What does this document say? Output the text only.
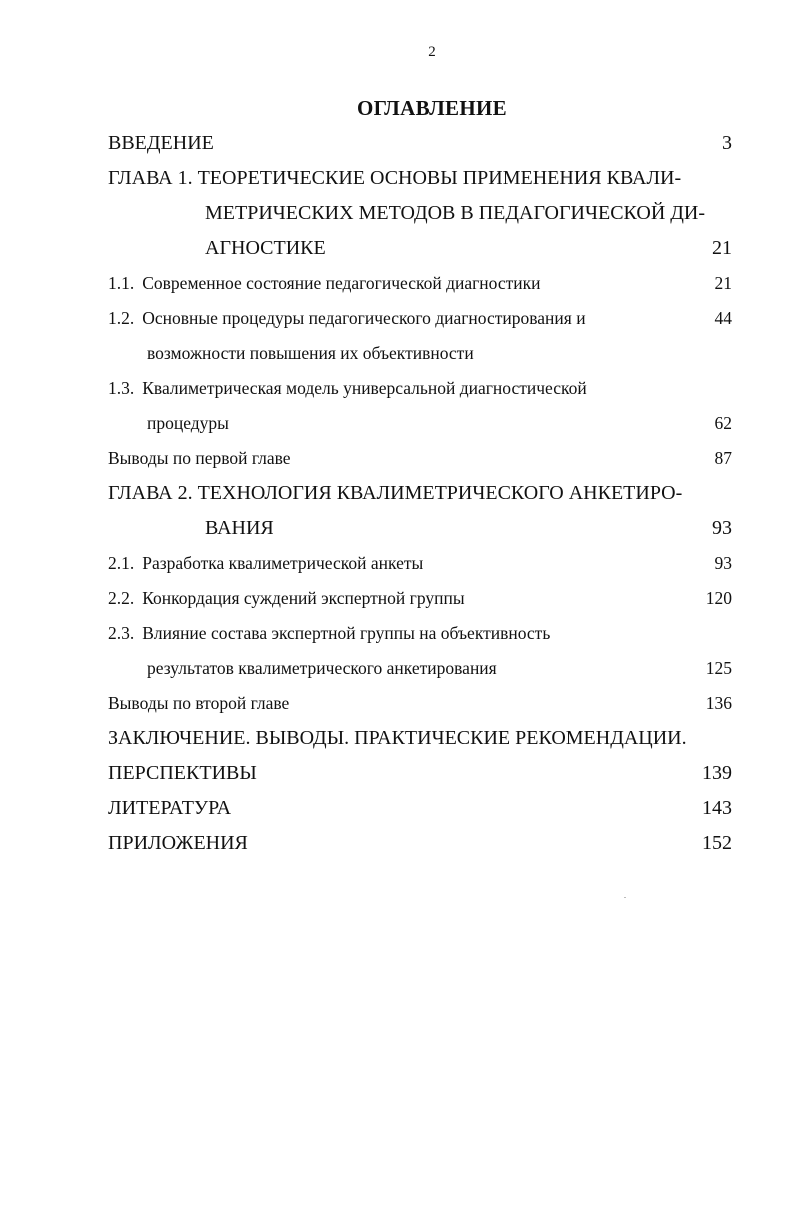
2
ОГЛАВЛЕНИЕ
ВВЕДЕНИЕ	3
ГЛАВА 1. ТЕОРЕТИЧЕСКИЕ ОСНОВЫ ПРИМЕНЕНИЯ КВАЛИ-
МЕТРИЧЕСКИХ МЕТОДОВ В ПЕДАГОГИЧЕСКОЙ ДИ-
АГНОСТИКЕ	21
1.1. Современное состояние педагогической диагностики	21
1.2. Основные процедуры педагогического диагностирования и	44
возможности повышения их объективности
1.3. Квалиметрическая модель универсальной диагностической
процедуры	62
Выводы по первой главе	87
ГЛАВА 2. ТЕХНОЛОГИЯ КВАЛИМЕТРИЧЕСКОГО АНКЕТИРО-
ВАНИЯ	93
2.1. Разработка квалиметрической анкеты	93
2.2. Конкордация суждений экспертной группы	120
2.3. Влияние состава экспертной группы на объективность
результатов квалиметрического анкетирования	125
Выводы по второй главе	136
ЗАКЛЮЧЕНИЕ. ВЫВОДЫ. ПРАКТИЧЕСКИЕ РЕКОМЕНДАЦИИ.
ПЕРСПЕКТИВЫ	139
ЛИТЕРАТУРА	143
ПРИЛОЖЕНИЯ	152
